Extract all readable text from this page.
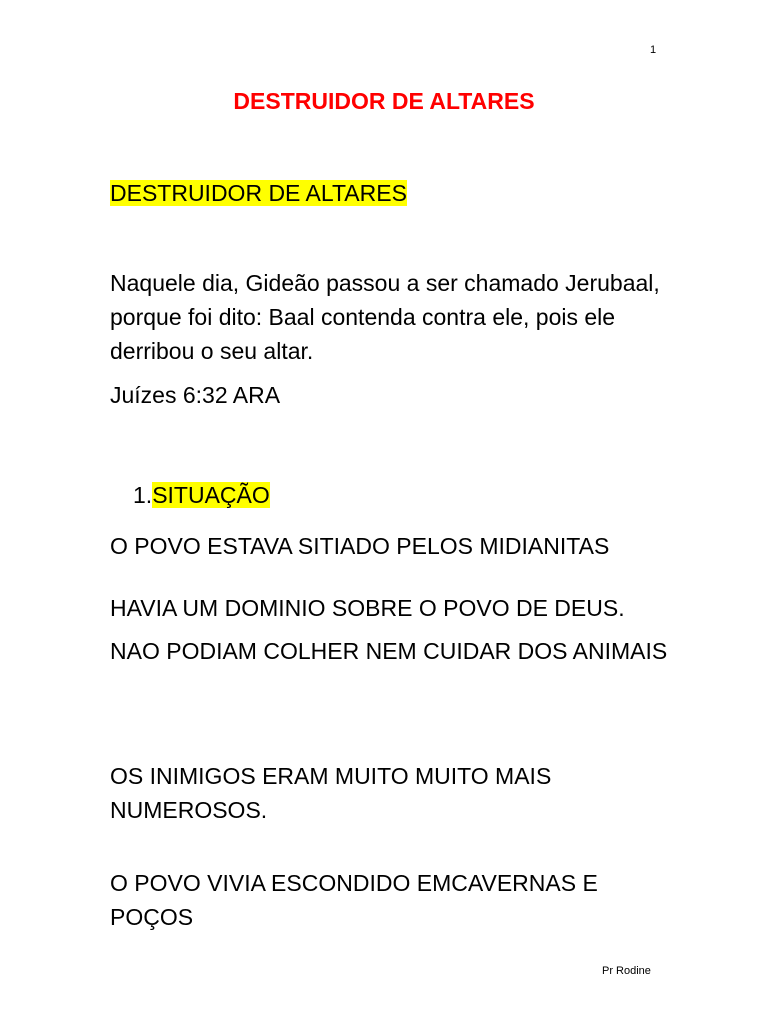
1
DESTRUIDOR DE ALTARES
DESTRUIDOR DE ALTARES

Naquele dia, Gideão passou a ser chamado Jerubaal, porque foi dito: Baal contenda contra ele, pois ele derribou o seu altar.

Juízes 6:32 ARA
1.SITUAÇÃO

O POVO ESTAVA SITIADO PELOS MIDIANITAS

HAVIA UM DOMINIO SOBRE O POVO DE DEUS.

NAO PODIAM COLHER NEM CUIDAR DOS ANIMAIS

OS INIMIGOS ERAM MUITO MUITO MAIS NUMEROSOS.

O POVO VIVIA ESCONDIDO EMCAVERNAS E POÇOS

Pr Rodine
